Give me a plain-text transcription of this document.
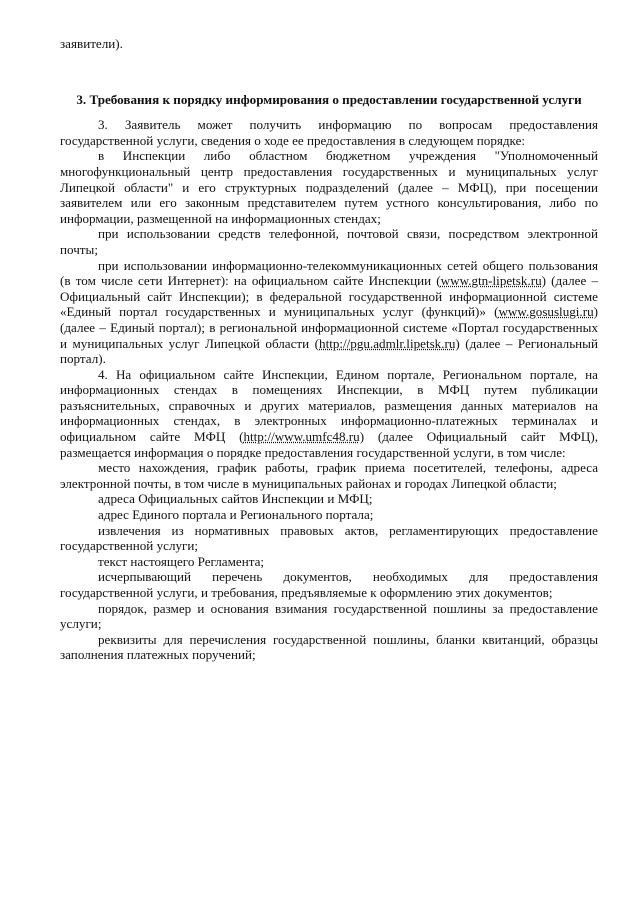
заявители).

3. Требования к порядку информирования о предоставлении государственной услуги

3. Заявитель может получить информацию по вопросам предоставления государственной услуги, сведения о ходе ее предоставления в следующем порядке:

в Инспекции либо областном бюджетном учреждения "Уполномоченный многофункциональный центр предоставления государственных и муниципальных услуг Липецкой области" и его структурных подразделений (далее – МФЦ), при посещении заявителем или его законным представителем путем устного консультирования, либо по информации, размещенной на информационных стендах;

при использовании средств телефонной, почтовой связи, посредством электронной почты;

при использовании информационно-телекоммуникационных сетей общего пользования (в том числе сети Интернет): на официальном сайте Инспекции (www.gtn-lipetsk.ru) (далее – Официальный сайт Инспекции); в федеральной государственной информационной системе «Единый портал государственных и муниципальных услуг (функций)» (www.gosuslugi.ru) (далее – Единый портал); в региональной информационной системе «Портал государственных и муниципальных услуг Липецкой области (http://pgu.admlr.lipetsk.ru) (далее – Региональный портал).

4. На официальном сайте Инспекции, Едином портале, Региональном портале, на информационных стендах в помещениях Инспекции, в МФЦ путем публикации разъяснительных, справочных и других материалов, размещения данных материалов на информационных стендах, в электронных информационно-платежных терминалах и официальном сайте МФЦ (http://www.umfc48.ru) (далее Официальный сайт МФЦ), размещается информация о порядке предоставления государственной услуги, в том числе:

место нахождения, график работы, график приема посетителей, телефоны, адреса электронной почты, в том числе в муниципальных районах и городах Липецкой области;

адреса Официальных сайтов Инспекции и МФЦ;

адрес Единого портала и Регионального портала;

извлечения из нормативных правовых актов, регламентирующих предоставление государственной услуги;

текст настоящего Регламента;

исчерпывающий перечень документов, необходимых для предоставления государственной услуги, и требования, предъявляемые к оформлению этих документов;

порядок, размер и основания взимания государственной пошлины за предоставление услуги;

реквизиты для перечисления государственной пошлины, бланки квитанций, образцы заполнения платежных поручений;
